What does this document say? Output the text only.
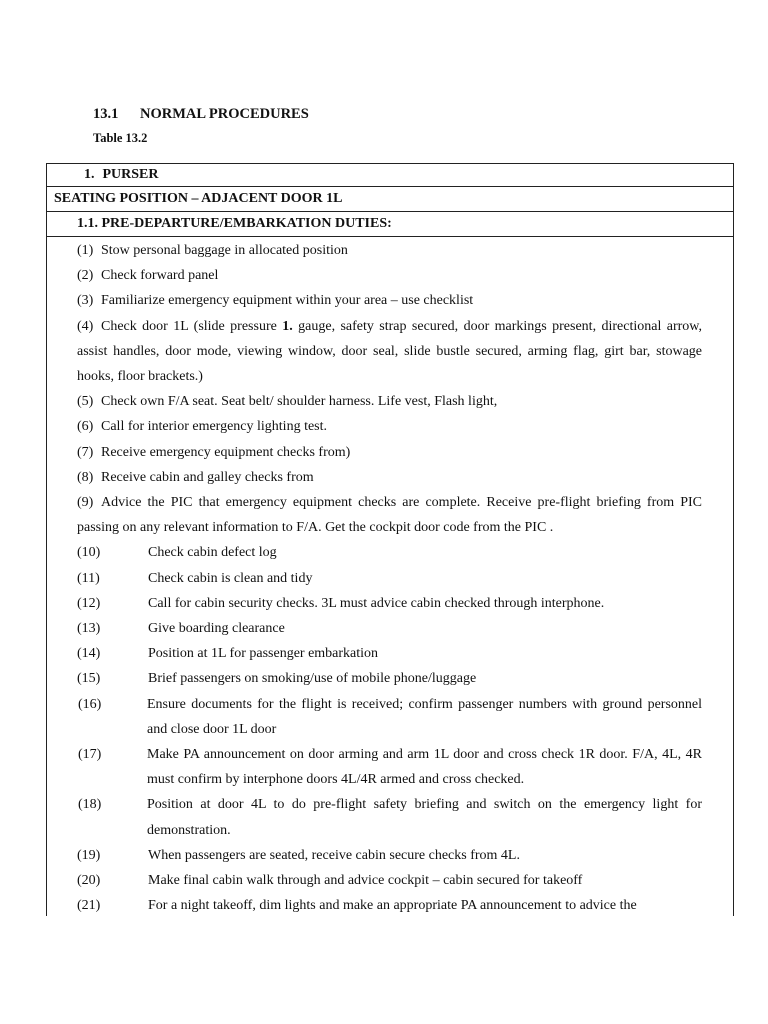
13.1 NORMAL PROCEDURES
Table 13.2
1. PURSER
SEATING POSITION – ADJACENT DOOR 1L
1.1. PRE-DEPARTURE/EMBARKATION DUTIES:
(1) Stow personal baggage in allocated position
(2) Check forward panel
(3) Familiarize emergency equipment within your area – use checklist
(4) Check door 1L (slide pressure 1. gauge, safety strap secured, door markings present, directional arrow, assist handles, door mode, viewing window, door seal, slide bustle secured, arming flag, girt bar, stowage hooks, floor brackets.)
(5) Check own F/A seat. Seat belt/ shoulder harness. Life vest, Flash light,
(6) Call for interior emergency lighting test.
(7) Receive emergency equipment checks from)
(8) Receive cabin and galley checks from
(9) Advice the PIC that emergency equipment checks are complete. Receive pre-flight briefing from PIC passing on any relevant information to F/A. Get the cockpit door code from the PIC .
(10)	Check cabin defect log
(11)	Check cabin is clean and tidy
(12)	Call for cabin security checks. 3L must advice cabin checked through interphone.
(13)	Give boarding clearance
(14)	Position at 1L for passenger embarkation
(15)	Brief passengers on smoking/use of mobile phone/luggage
(16)	Ensure documents for the flight is received; confirm passenger numbers with ground personnel and close door 1L door
(17)	Make PA announcement on door arming and arm 1L door and cross check 1R door. F/A, 4L, 4R must confirm by interphone doors 4L/4R armed and cross checked.
(18)	Position at door 4L to do pre-flight safety briefing and switch on the emergency light for demonstration.
(19)	When passengers are seated, receive cabin secure checks from 4L.
(20)	Make final cabin walk through and advice cockpit – cabin secured for takeoff
(21)	For a night takeoff, dim lights and make an appropriate PA announcement to advice the
